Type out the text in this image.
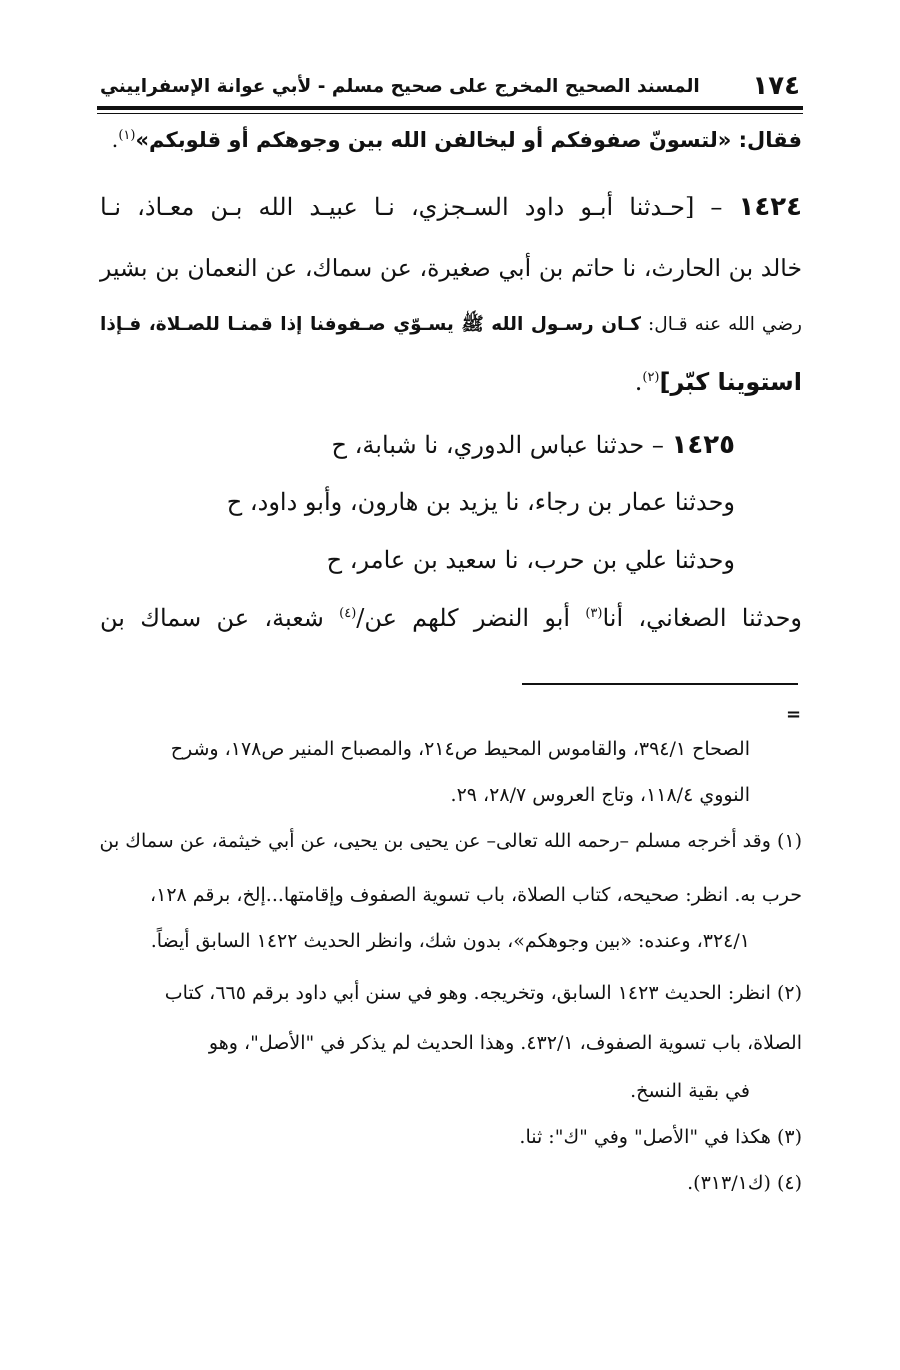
١٧٤
المسند الصحيح المخرج على صحيح مسلم - لأبي عوانة الإسفراييني
فقال: «لتسونّ صفوفكم أو ليخالفن الله بين وجوهكم أو قلوبكم»$^{(١)}$.
١٤٢٤ – [حـدثنا أبـو داود السـجزي، نـا عبيـد الله بـن معـاذ، نـا
خالد بن الحارث، نا حاتم بن أبي صغيرة، عن سماك، عن النعمان بن بشير
رضي الله عنه قـال: كـان رسـول الله ﷺ يسـوّي صـفوفنا إذا قمنـا للصـلاة، فـإذا
استوينا كبّر]$^{(٢)}$.
١٤٢٥ – حدثنا عباس الدوري، نا شبابة، ح
وحدثنا عمار بن رجاء، نا يزيد بن هارون، وأبو داود، ح
وحدثنا علي بن حرب، نا سعيد بن عامر، ح
وحدثنا الصغاني، أنا$^{(٣)}$ أبو النضر كلهم عن/$^{(٤)}$ شعبة، عن سماك بن
=
الصحاح ٣٩٤/١، والقاموس المحيط ص٢١٤، والمصباح المنير ص١٧٨، وشرح
النووي ١١٨/٤، وتاج العروس ٢٨/٧، ٢٩.
(١) وقد أخرجه مسلم –رحمه الله تعالى– عن يحيى بن يحيى، عن أبي خيثمة، عن سماك بن
حرب به. انظر: صحيحه، كتاب الصلاة، باب تسوية الصفوف وإقامتها...إلخ، برقم ١٢٨،
٣٢٤/١، وعنده: «بين وجوهكم»، بدون شك، وانظر الحديث ١٤٢٢ السابق أيضاً.
(٢) انظر: الحديث ١٤٢٣ السابق، وتخريجه. وهو في سنن أبي داود برقم ٦٦٥، كتاب
الصلاة، باب تسوية الصفوف، ٤٣٢/١. وهذا الحديث لم يذكر في "الأصل"، وهو
في بقية النسخ.
(٣) هكذا في "الأصل" وفي "ك": ثنا.
(٤) (ك٣١٣/١).
